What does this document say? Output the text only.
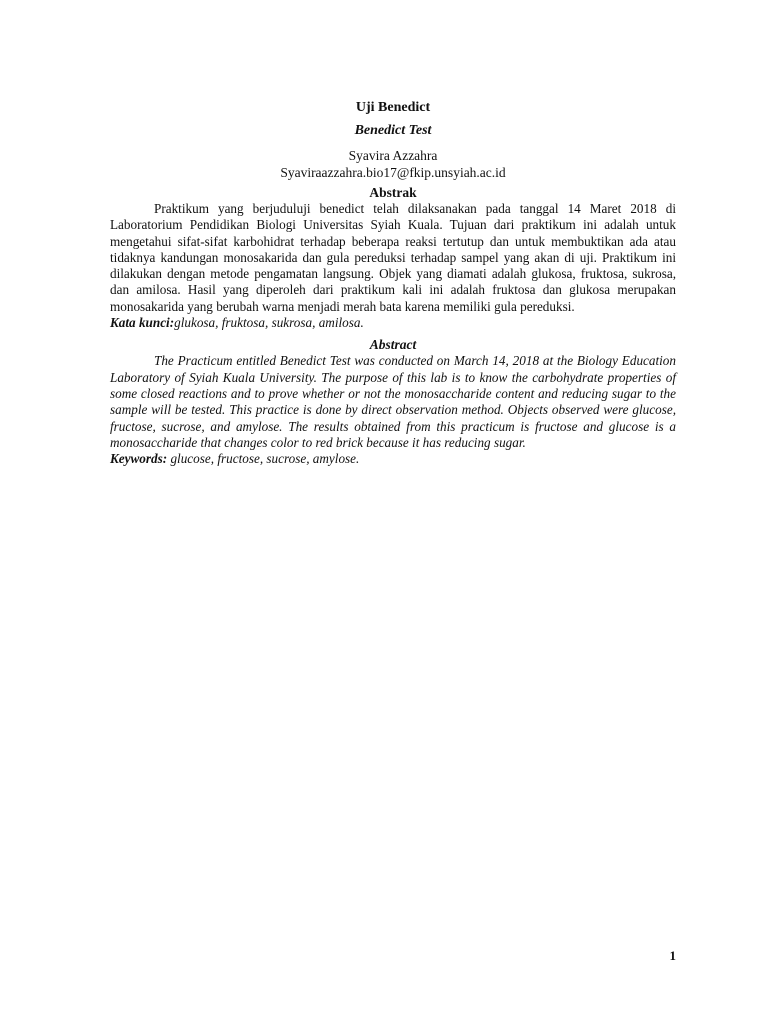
Uji Benedict

Benedict Test

Syavira Azzahra

Syaviraazzahra.bio17@fkip.unsyiah.ac.id

Abstrak

Praktikum yang berjuduluji benedict telah dilaksanakan pada tanggal 14 Maret 2018 di Laboratorium Pendidikan Biologi Universitas Syiah Kuala. Tujuan dari praktikum ini adalah untuk mengetahui sifat-sifat karbohidrat terhadap beberapa reaksi tertutup dan untuk membuktikan ada atau tidaknya kandungan monosakarida dan gula pereduksi terhadap sampel yang akan di uji. Praktikum ini dilakukan dengan metode pengamatan langsung. Objek yang diamati adalah glukosa, fruktosa, sukrosa, dan amilosa. Hasil yang diperoleh dari praktikum kali ini adalah fruktosa dan glukosa merupakan monosakarida yang berubah warna menjadi merah bata karena memiliki gula pereduksi.

Kata kunci:glukosa, fruktosa, sukrosa, amilosa.

Abstract

The Practicum entitled Benedict Test was conducted on March 14, 2018 at the Biology Education Laboratory of Syiah Kuala University. The purpose of this lab is to know the carbohydrate properties of some closed reactions and to prove whether or not the monosaccharide content and reducing sugar to the sample will be tested. This practice is done by direct observation method. Objects observed were glucose, fructose, sucrose, and amylose. The results obtained from this practicum is fructose and glucose is a monosaccharide that changes color to red brick because it has reducing sugar.

Keywords: glucose, fructose, sucrose, amylose.

1
